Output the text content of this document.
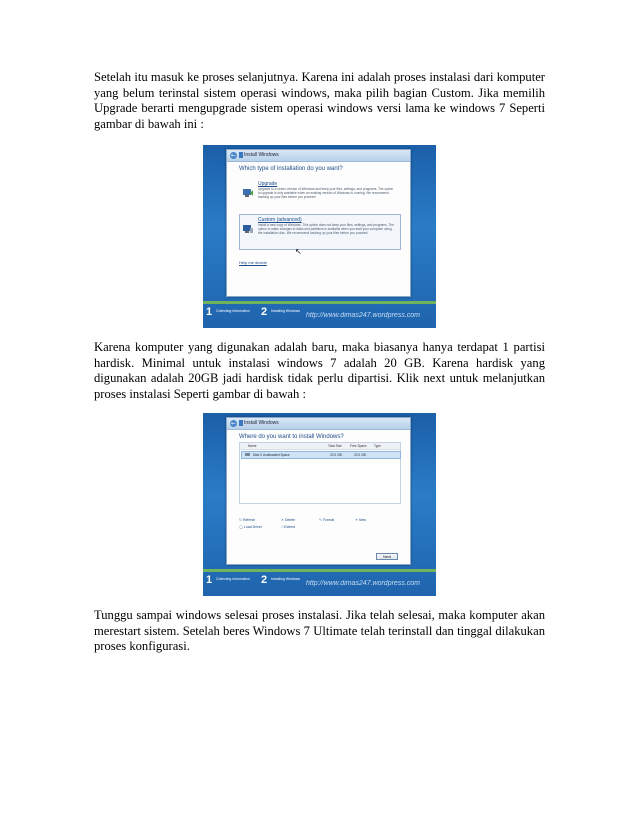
Setelah itu masuk ke proses selanjutnya. Karena ini adalah proses instalasi dari komputer yang belum terinstal sistem operasi windows, maka pilih bagian Custom. Jika memilih Upgrade berarti mengupgrade sistem operasi windows versi lama ke windows 7 Seperti gambar di bawah ini :

← Install Windows
Which type of installation do you want?
Upgrade
Upgrade to a newer version of Windows and keep your files, settings, and programs. The option to upgrade is only available when an existing version of Windows is running. We recommend backing up your files before you proceed.
Custom (advanced)
Install a new copy of Windows. This option does not keep your files, settings, and programs. The option to make changes to disks and partitions is available when you start your computer using the installation disc. We recommend backing up your files before you proceed.
↖
Help me decide
1 Collecting information 2 Installing Windows
http://www.dimas247.wordpress.com

Karena komputer yang digunakan adalah baru, maka biasanya hanya terdapat 1 partisi hardisk. Minimal untuk instalasi windows 7 adalah 20 GB. Karena hardisk yang digunakan adalah 20GB jadi hardisk tidak perlu dipartisi. Klik next untuk melanjutkan proses instalasi Seperti gambar di bawah :

← Install Windows
Where do you want to install Windows?
Name	Total Size	Free Space Type
Disk 0 Unallocated Space	20.0 GB	20.0 GB
↻Refresh	✕Delete	✎Format	✶New
◯Load Driver	□Extend
Next
1 Collecting information 2 Installing Windows
http://www.dimas247.wordpress.com

Tunggu sampai windows selesai proses instalasi. Jika telah selesai, maka komputer akan merestart sistem. Setelah beres Windows 7 Ultimate telah terinstall dan tinggal dilakukan proses konfigurasi.
